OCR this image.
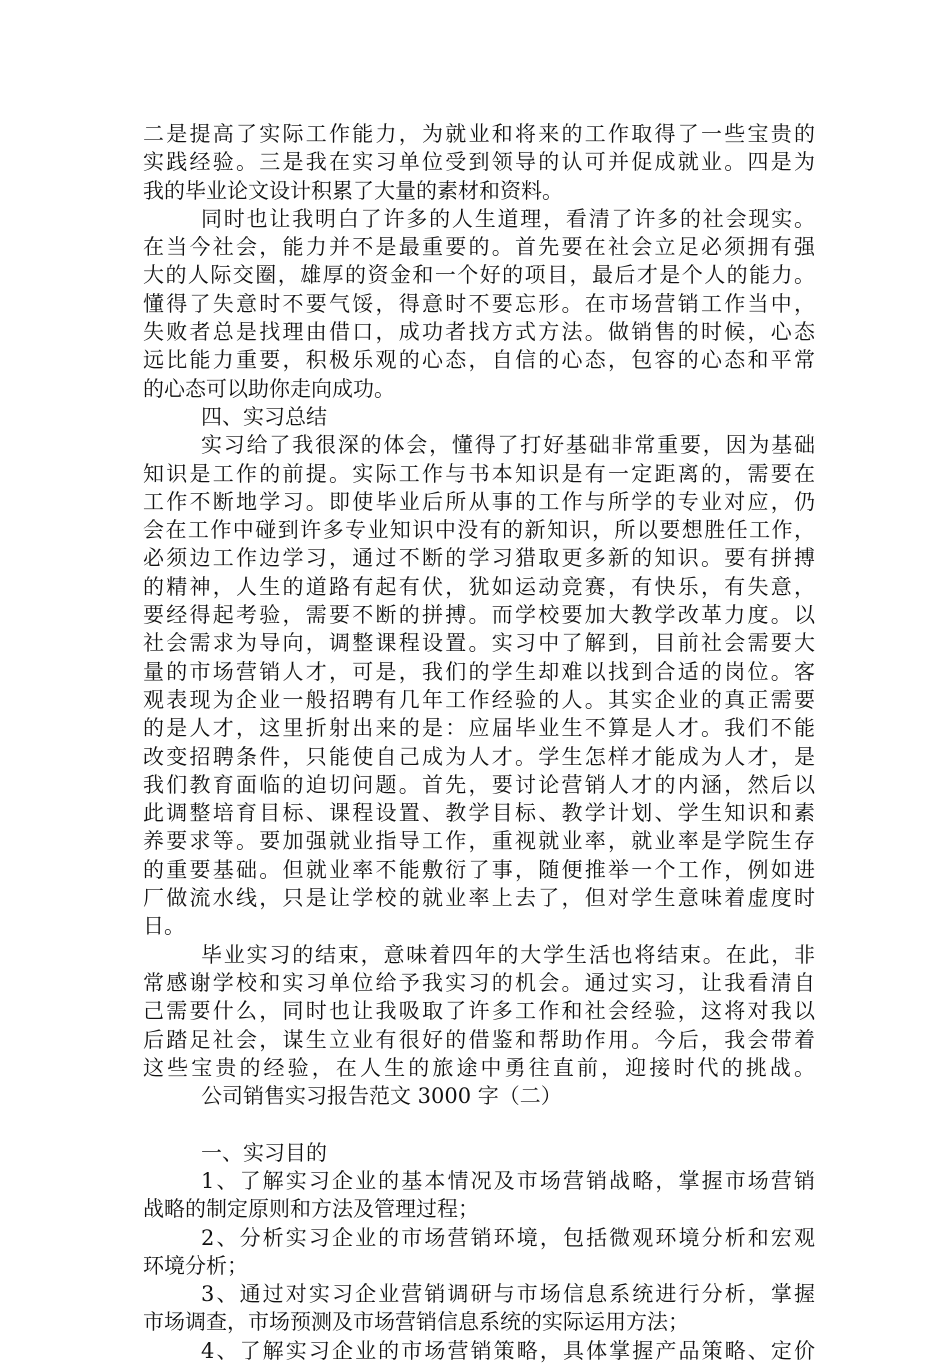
二是提高了实际工作能力，为就业和将来的工作取得了一些宝贵的
实践经验。三是我在实习单位受到领导的认可并促成就业。四是为
我的毕业论文设计积累了大量的素材和资料。
同时也让我明白了许多的人生道理，看清了许多的社会现实。
在当今社会，能力并不是最重要的。首先要在社会立足必须拥有强
大的人际交圈，雄厚的资金和一个好的项目，最后才是个人的能力。
懂得了失意时不要气馁，得意时不要忘形。在市场营销工作当中，
失败者总是找理由借口，成功者找方式方法。做销售的时候，心态
远比能力重要，积极乐观的心态，自信的心态，包容的心态和平常
的心态可以助你走向成功。
四、实习总结
实习给了我很深的体会，懂得了打好基础非常重要，因为基础
知识是工作的前提。实际工作与书本知识是有一定距离的，需要在
工作不断地学习。即使毕业后所从事的工作与所学的专业对应，仍
会在工作中碰到许多专业知识中没有的新知识，所以要想胜任工作，
必须边工作边学习，通过不断的学习猎取更多新的知识。要有拼搏
的精神，人生的道路有起有伏，犹如运动竞赛，有快乐，有失意，
要经得起考验，需要不断的拼搏。而学校要加大教学改革力度。以
社会需求为导向，调整课程设置。实习中了解到，目前社会需要大
量的市场营销人才，可是，我们的学生却难以找到合适的岗位。客
观表现为企业一般招聘有几年工作经验的人。其实企业的真正需要
的是人才，这里折射出来的是：应届毕业生不算是人才。我们不能
改变招聘条件，只能使自己成为人才。学生怎样才能成为人才，是
我们教育面临的迫切问题。首先，要讨论营销人才的内涵，然后以
此调整培育目标、课程设置、教学目标、教学计划、学生知识和素
养要求等。要加强就业指导工作，重视就业率，就业率是学院生存
的重要基础。但就业率不能敷衍了事，随便推举一个工作，例如进
厂做流水线，只是让学校的就业率上去了，但对学生意味着虚度时
日。
毕业实习的结束，意味着四年的大学生活也将结束。在此，非
常感谢学校和实习单位给予我实习的机会。通过实习，让我看清自
己需要什么，同时也让我吸取了许多工作和社会经验，这将对我以
后踏足社会，谋生立业有很好的借鉴和帮助作用。今后，我会带着
这些宝贵的经验，在人生的旅途中勇往直前，迎接时代的挑战。
公司销售实习报告范文 3000 字（二）
一、实习目的
1、了解实习企业的基本情况及市场营销战略，掌握市场营销
战略的制定原则和方法及管理过程；
2、分析实习企业的市场营销环境，包括微观环境分析和宏观
环境分析；
3、通过对实习企业营销调研与市场信息系统进行分析，掌握
市场调查，市场预测及市场营销信息系统的实际运用方法；
4、了解实习企业的市场营销策略，具体掌握产品策略、定价
